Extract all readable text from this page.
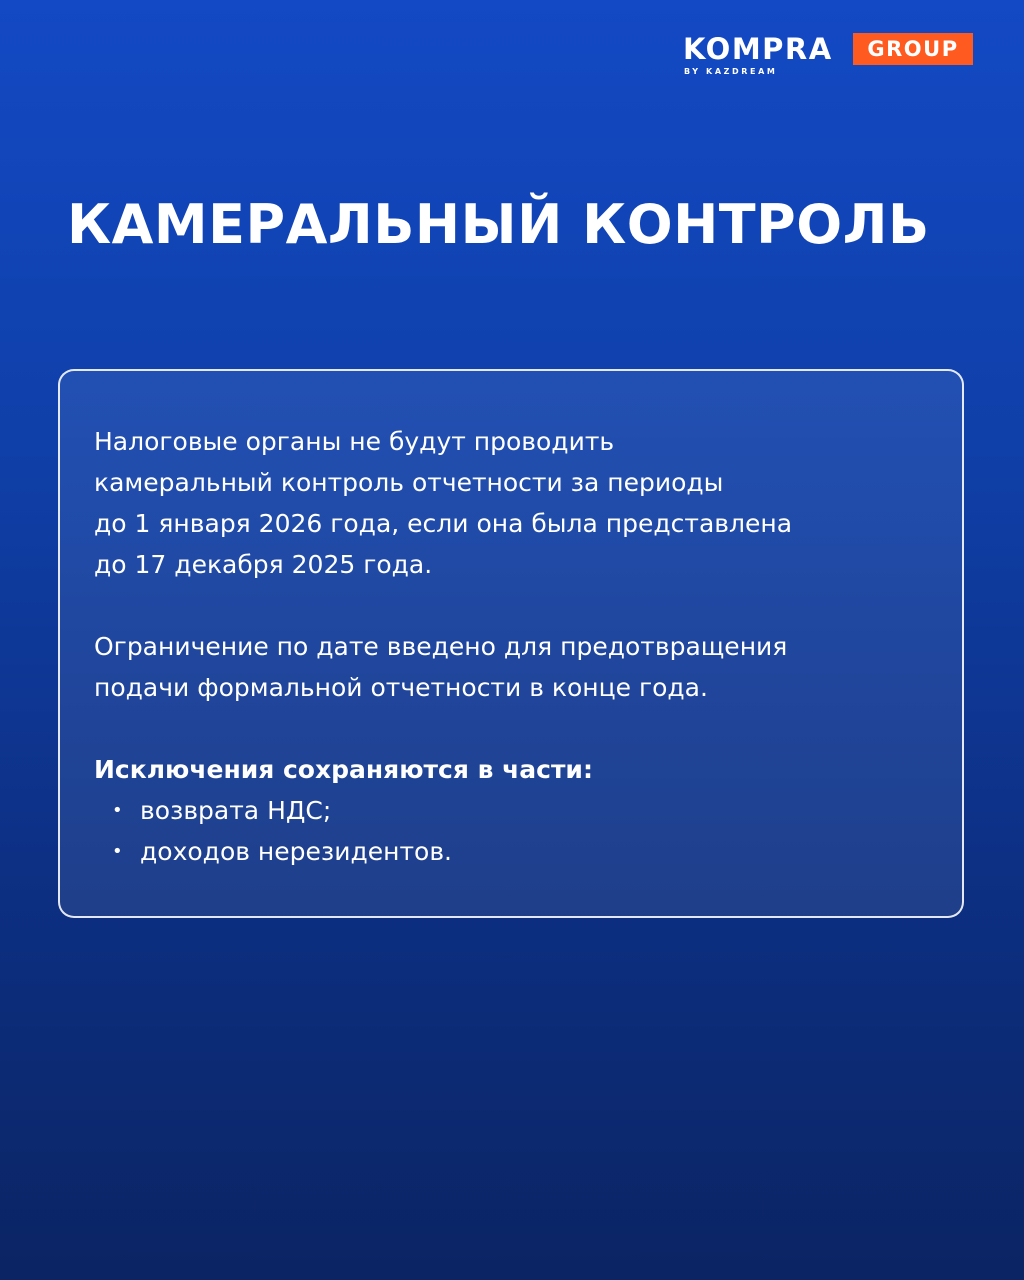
KOMPRA	GROUP
BY KAZDREAM
КАМЕРАЛЬНЫЙ КОНТРОЛЬ

Налоговые органы не будут проводить
камеральный контроль отчетности за периоды
до 1 января 2026 года, если она была представлена
до 17 декабря 2025 года.

Ограничение по дате введено для предотвращения
подачи формальной отчетности в конце года.

Исключения сохраняются в части:

• возврата НДС;
• доходов нерезидентов.
